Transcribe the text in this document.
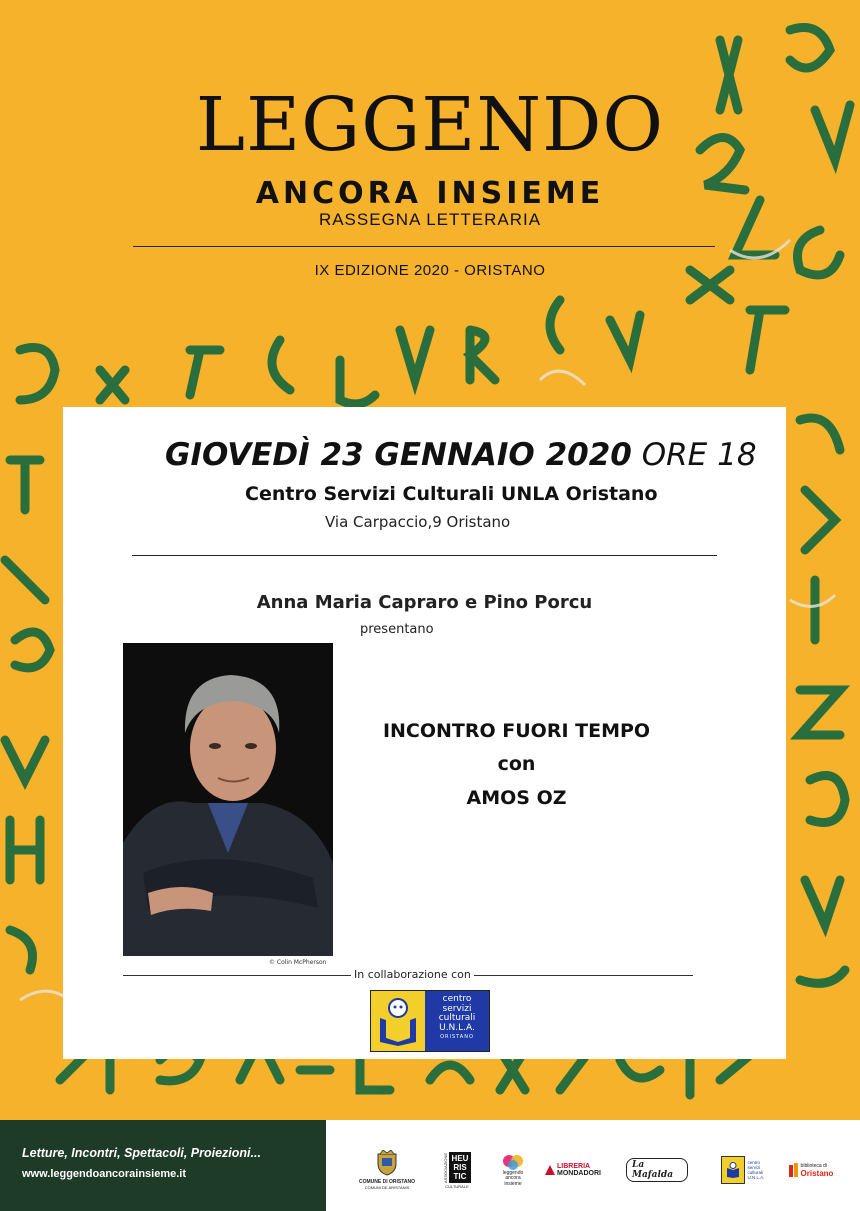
LEGGENDO
ANCORA INSIEME
RASSEGNA LETTERARIA
IX EDIZIONE 2020 - ORISTANO
GIOVEDÌ 23 GENNAIO 2020 ORE 18
Centro Servizi Culturali UNLA Oristano
Via Carpaccio,9 Oristano
Anna Maria Capraro e Pino Porcu
presentano
© Colin McPherson
INCONTRO FUORI TEMPO
con
AMOS OZ
In collaborazione con
centro
servizi
culturali
U.N.L.A.
ORISTANO
Letture, Incontri, Spettacoli, Proiezioni...
www.leggendoancorainsieme.it
COMUNE DI ORISTANO
COMUNI DE ARISTANIS
ASSOCIAZIONE HEU
RIS
TIC
CULTURALE
leggendo
ancora
insieme
LIBRERIA
MONDADORI
La Mafalda
centro
servizi
culturali
U.N.L.A.
biblioteca di
Oristano
